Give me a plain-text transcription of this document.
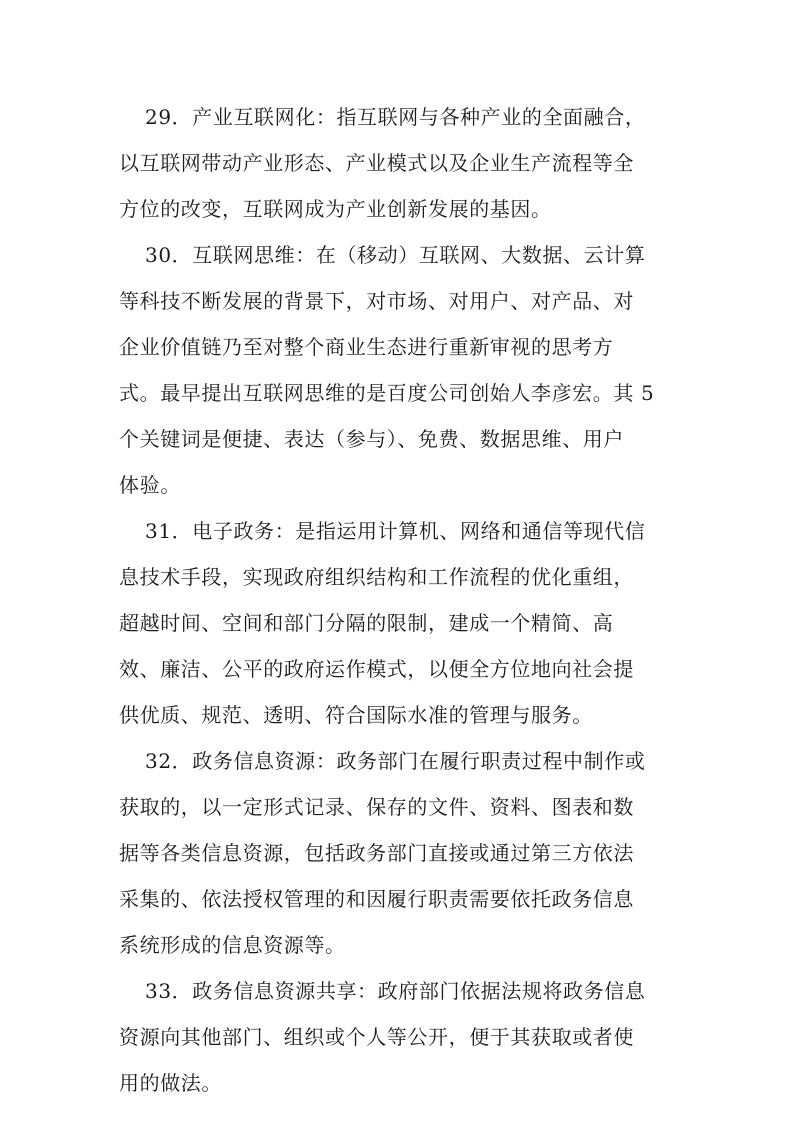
29．产业互联网化：指互联网与各种产业的全面融合，
以互联网带动产业形态、产业模式以及企业生产流程等全
方位的改变，互联网成为产业创新发展的基因。
30．互联网思维：在（移动）互联网、大数据、云计算
等科技不断发展的背景下，对市场、对用户、对产品、对
企业价值链乃至对整个商业生态进行重新审视的思考方
式。最早提出互联网思维的是百度公司创始人李彦宏。其 5
个关键词是便捷、表达（参与）、免费、数据思维、用户
体验。
31．电子政务：是指运用计算机、网络和通信等现代信
息技术手段，实现政府组织结构和工作流程的优化重组，
超越时间、空间和部门分隔的限制，建成一个精简、高
效、廉洁、公平的政府运作模式，以便全方位地向社会提
供优质、规范、透明、符合国际水准的管理与服务。
32．政务信息资源：政务部门在履行职责过程中制作或
获取的，以一定形式记录、保存的文件、资料、图表和数
据等各类信息资源，包括政务部门直接或通过第三方依法
采集的、依法授权管理的和因履行职责需要依托政务信息
系统形成的信息资源等。
33．政务信息资源共享：政府部门依据法规将政务信息
资源向其他部门、组织或个人等公开，便于其获取或者使
用的做法。
